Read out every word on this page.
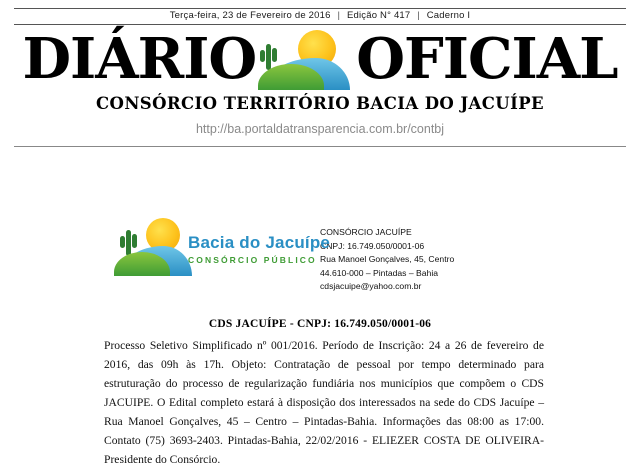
Terça-feira, 23 de Fevereiro de 2016 | Edição N° 417 | Caderno I
DIÁRIO OFICIAL
CONSÓRCIO TERRITÓRIO BACIA DO JACUÍPE
http://ba.portaldatransparencia.com.br/contbj
Bacia do Jacuípe
CONSÓRCIO PÚBLICO
CONSÓRCIO JACUÍPE
CNPJ: 16.749.050/0001-06
Rua Manoel Gonçalves, 45, Centro
44.610-000 – Pintadas – Bahia
cdsjacuipe@yahoo.com.br
CDS JACUÍPE - CNPJ: 16.749.050/0001-06
Processo Seletivo Simplificado nº 001/2016. Período de Inscrição: 24 a 26 de fevereiro de 2016, das 09h às 17h. Objeto: Contratação de pessoal por tempo determinado para estruturação do processo de regularização fundiária nos municípios que compõem o CDS JACUIPE. O Edital completo estará à disposição dos interessados na sede do CDS Jacuípe – Rua Manoel Gonçalves, 45 – Centro – Pintadas-Bahia. Informações das 08:00 as 17:00. Contato (75) 3693-2403. Pintadas-Bahia, 22/02/2016 - ELIEZER COSTA DE OLIVEIRA-Presidente do Consórcio.
